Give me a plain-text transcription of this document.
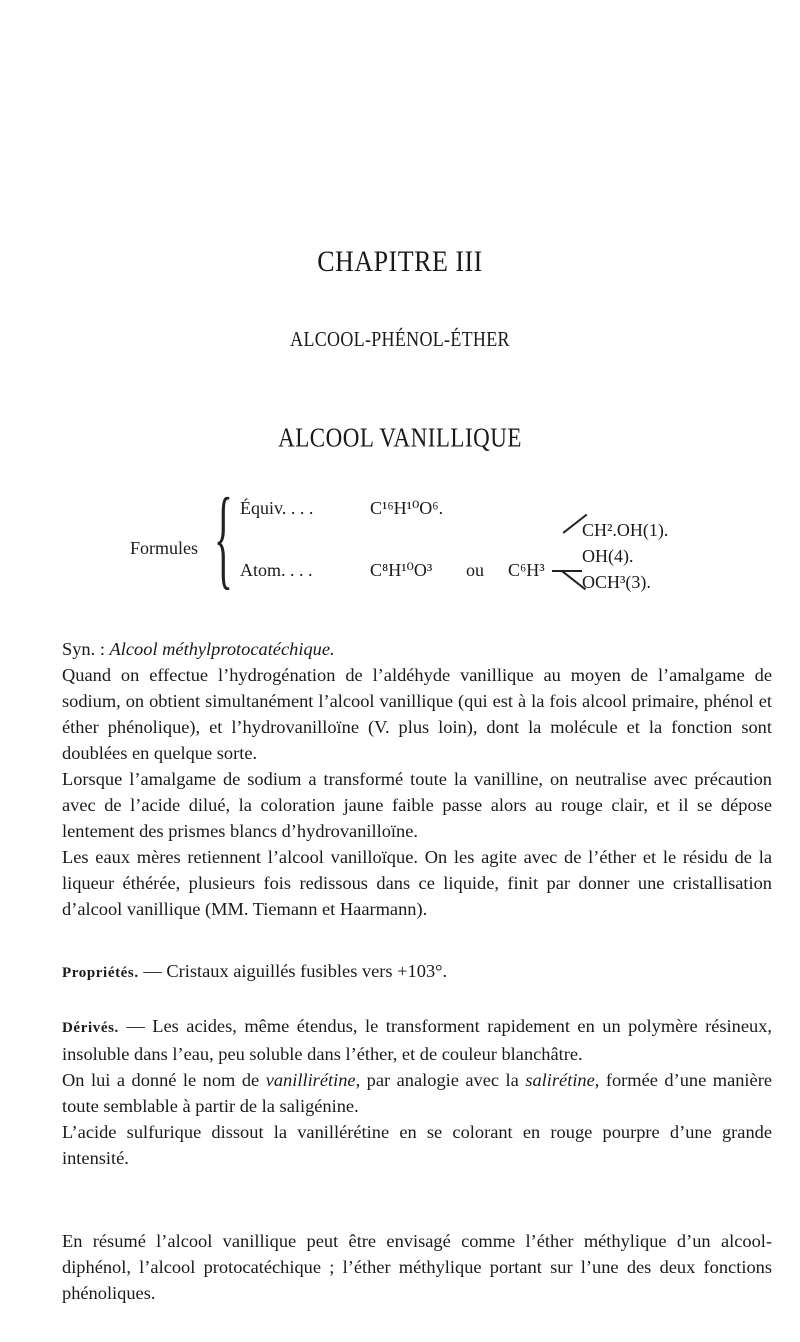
CHAPITRE III
ALCOOL-PHÉNOL-ÉTHER
ALCOOL VANILLIQUE
Formules { Équiv. . . .	C¹⁶H¹⁰O⁶.
Atom. . . .	C⁸H¹⁰O³ ou C⁶H³
CH².OH(1).
OH(4).
OCH³(3).

Syn. : Alcool méthylprotocatéchique.

Quand on effectue l’hydrogénation de l’aldéhyde vanillique au moyen de l’amalgame de sodium, on obtient simultanément l’alcool vanillique (qui est à la fois alcool primaire, phénol et éther phénolique), et l’hydrovanilloïne (V. plus loin), dont la molécule et la fonction sont doublées en quelque sorte.

Lorsque l’amalgame de sodium a transformé toute la vanilline, on neutralise avec précaution avec de l’acide dilué, la coloration jaune faible passe alors au rouge clair, et il se dépose lentement des prismes blancs d’hydrovanilloïne.

Les eaux mères retiennent l’alcool vanilloïque. On les agite avec de l’éther et le résidu de la liqueur éthérée, plusieurs fois redissous dans ce liquide, finit par donner une cristallisation d’alcool vanillique (MM. Tiemann et Haarmann).

Propriétés. — Cristaux aiguillés fusibles vers +103°.

Dérivés. — Les acides, même étendus, le transforment rapidement en un polymère résineux, insoluble dans l’eau, peu soluble dans l’éther, et de couleur blanchâtre.

On lui a donné le nom de vanillirétine, par analogie avec la salirétine, formée d’une manière toute semblable à partir de la saligénine.

L’acide sulfurique dissout la vanillérétine en se colorant en rouge pourpre d’une grande intensité.

En résumé l’alcool vanillique peut être envisagé comme l’éther méthylique d’un alcool-diphénol, l’alcool protocatéchique ; l’éther méthylique portant sur l’une des deux fonctions phénoliques.
